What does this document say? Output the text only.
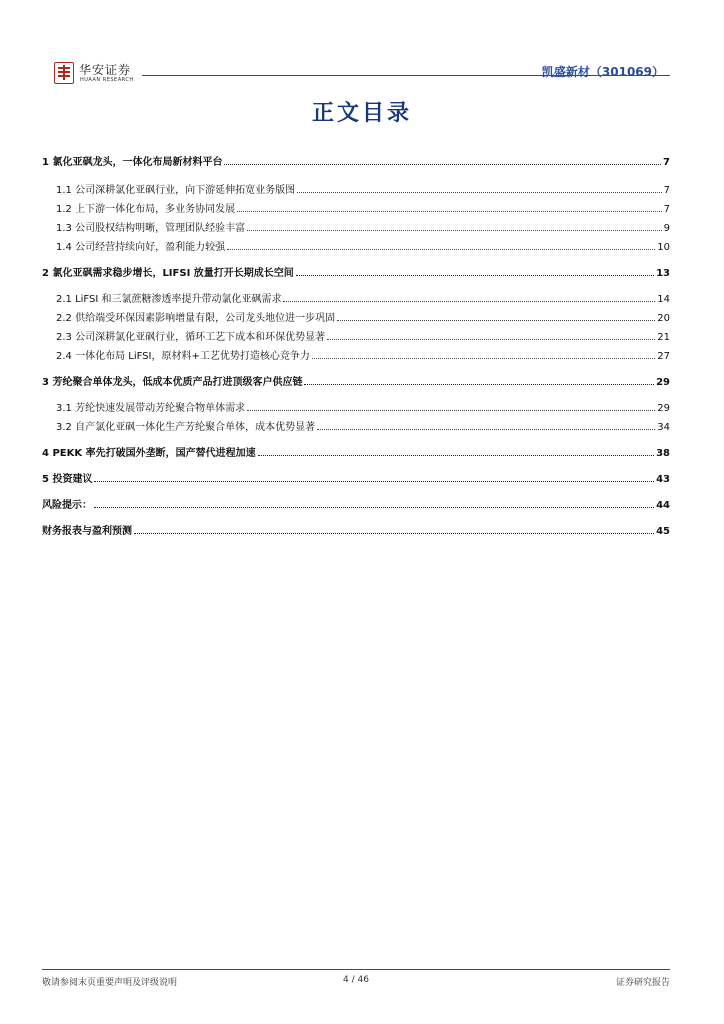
华安证券
HUAAN RESEARCH
凯盛新材（301069）
正文目录
1 氯化亚砜龙头，一体化布局新材料平台	7
1.1 公司深耕氯化亚砜行业，向下游延伸拓宽业务版图	7
1.2 上下游一体化布局，多业务协同发展	7
1.3 公司股权结构明晰，管理团队经验丰富	9
1.4 公司经营持续向好，盈利能力较强	10
2 氯化亚砜需求稳步增长，LIFSI 放量打开长期成长空间	13
2.1 LiFSI 和三氯蔗糖渗透率提升带动氯化亚砜需求	14
2.2 供给端受环保因素影响增量有限，公司龙头地位进一步巩固	20
2.3 公司深耕氯化亚砜行业，循环工艺下成本和环保优势显著	21
2.4 一体化布局 LiFSI，原材料+工艺优势打造核心竞争力	27
3 芳纶聚合单体龙头，低成本优质产品打进顶级客户供应链	29
3.1 芳纶快速发展带动芳纶聚合物单体需求	29
3.2 自产氯化亚砜一体化生产芳纶聚合单体，成本优势显著	34
4 PEKK 率先打破国外垄断，国产替代进程加速	38
5 投资建议	43
风险提示：	44
财务报表与盈利预测	45
敬请参阅末页重要声明及评级说明	4 / 46	证券研究报告
